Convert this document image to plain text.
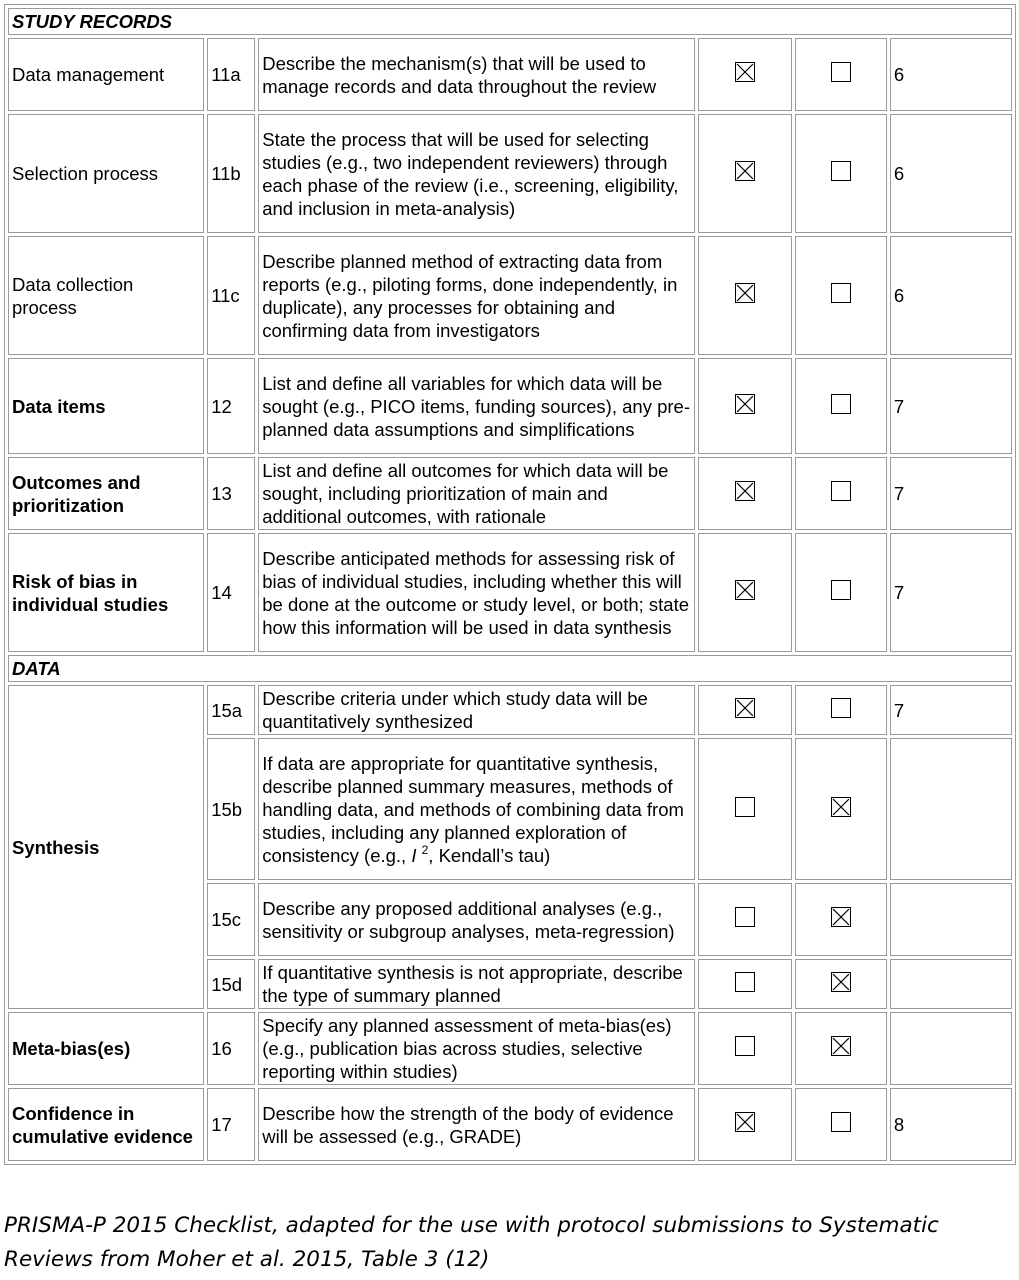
STUDY RECORDS					
Data management	11a	Describe the mechanism(s) that will be used to manage records and data throughout the review			6
Selection process	11b	State the process that will be used for selecting studies (e.g., two independent reviewers) through each phase of the review (i.e., screening, eligibility, and inclusion in meta-analysis)			6
Data collection process	11c	Describe planned method of extracting data from reports (e.g., piloting forms, done independently, in duplicate), any processes for obtaining and confirming data from investigators			6
Data items	12	List and define all variables for which data will be sought (e.g., PICO items, funding sources), any pre-planned data assumptions and simplifications			7
Outcomes and prioritization	13	List and define all outcomes for which data will be sought, including prioritization of main and additional outcomes, with rationale			7
Risk of bias in individual studies	14	Describe anticipated methods for assessing risk of bias of individual studies, including whether this will be done at the outcome or study level, or both; state how this information will be used in data synthesis			7
DATA					
Synthesis	15a	Describe criteria under which study data will be quantitatively synthesized			7
	15b	If data are appropriate for quantitative synthesis, describe planned summary measures, methods of handling data, and methods of combining data from studies, including any planned exploration of consistency (e.g., I $^2$, Kendall’s tau)		

	15c	Describe any proposed additional analyses (e.g., sensitivity or subgroup analyses, meta-regression)		

	15d	If quantitative synthesis is not appropriate, describe the type of summary planned		

Meta-bias(es)	16	Specify any planned assessment of meta-bias(es) (e.g., publication bias across studies, selective reporting within studies)		

Confidence in cumulative evidence	17	Describe how the strength of the body of evidence will be assessed (e.g., GRADE)			8
PRISMA-P 2015 Checklist, adapted for the use with protocol submissions to Systematic Reviews from Moher et al. 2015, Table 3 (12)
